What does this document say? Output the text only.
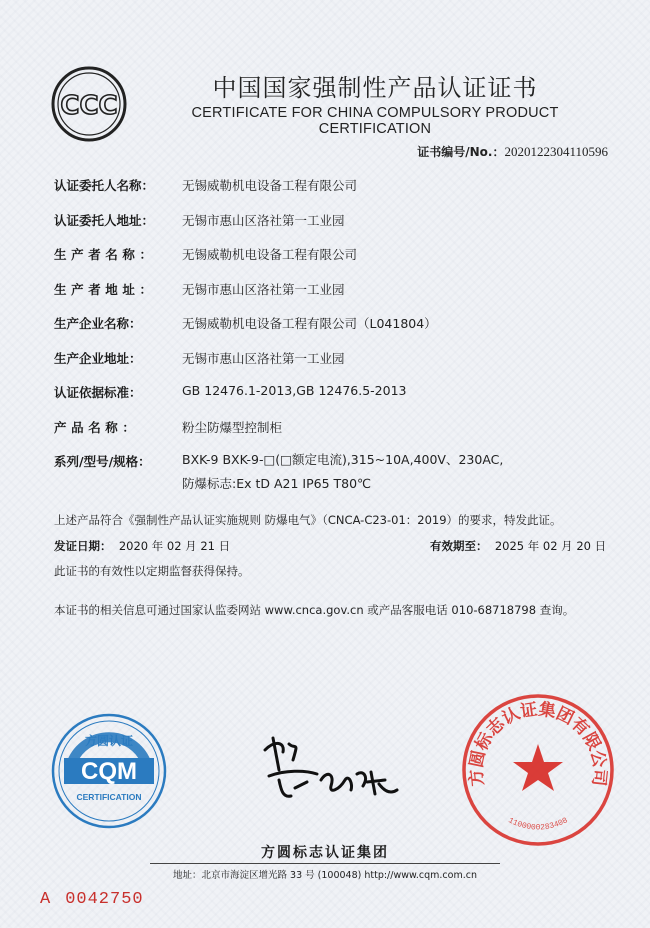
CCC
中国国家强制性产品认证证书
CERTIFICATE FOR CHINA COMPULSORY PRODUCT CERTIFICATION
证书编号/No.：2020122304110596
认证委托人名称：	无锡威勒机电设备工程有限公司
认证委托人地址：	无锡市惠山区洛社第一工业园
生产者名称：	无锡威勒机电设备工程有限公司
生产者地址：	无锡市惠山区洛社第一工业园
生产企业名称：	无锡威勒机电设备工程有限公司（L041804）
生产企业地址：	无锡市惠山区洛社第一工业园
认证依据标准：	GB 12476.1-2013,GB 12476.5-2013
产品名称：	粉尘防爆型控制柜
系列/型号/规格：	BXK-9 BXK-9-□(□额定电流),315~10A,400V、230AC,
防爆标志:Ex tD A21 IP65 T80℃
上述产品符合《强制性产品认证实施规则 防爆电气》（CNCA-C23-01：2019）的要求，特发此证。
发证日期： 2020 年 02 月 21 日	有效期至： 2025 年 02 月 20 日
此证书的有效性以定期监督获得保持。
本证书的相关信息可通过国家认监委网站 www.cnca.gov.cn 或产品客服电话 010-68718798 查询。
方圆认证
CQM
CERTIFICATION
方圆标志认证集团有限公司
1100000283408
方圆标志认证集团
地址：北京市海淀区增光路 33 号 (100048) http://www.cqm.com.cn
A 0042750
